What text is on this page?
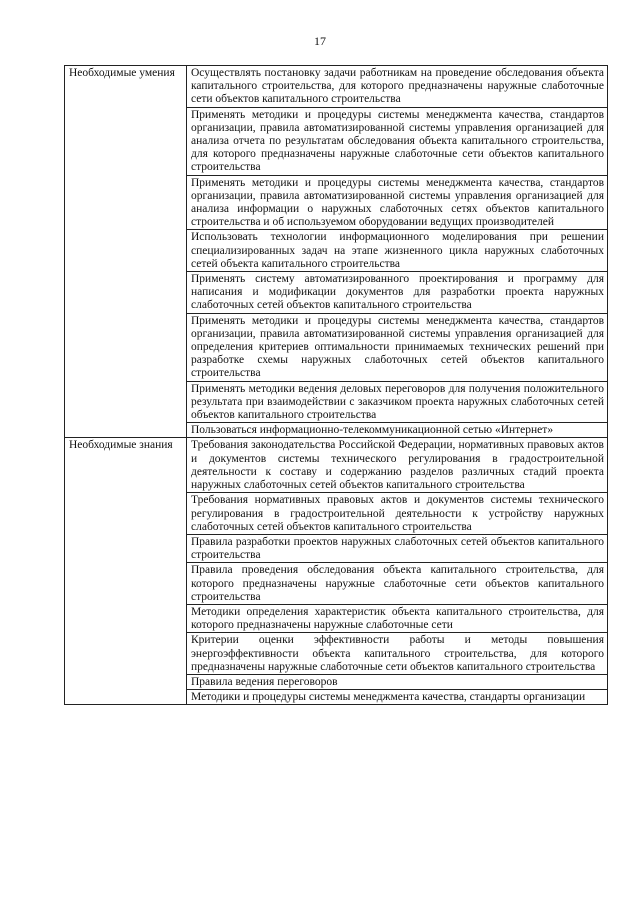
17
Необходимые умения	Осуществлять постановку задачи работникам на проведение обследования объекта капитального строительства, для которого предназначены наружные слаботочные сети объектов капитального строительства
	Применять методики и процедуры системы менеджмента качества, стандартов организации, правила автоматизированной системы управления организацией для анализа отчета по результатам обследования объекта капитального строительства, для которого предназначены наружные слаботочные сети объектов капитального строительства
	Применять методики и процедуры системы менеджмента качества, стандартов организации, правила автоматизированной системы управления организацией для анализа информации о наружных слаботочных сетях объектов капитального строительства и об используемом оборудовании ведущих производителей
	Использовать технологии информационного моделирования при решении специализированных задач на этапе жизненного цикла наружных слаботочных сетей объекта капитального строительства
	Применять систему автоматизированного проектирования и программу для написания и модификации документов для разработки проекта наружных слаботочных сетей объектов капитального строительства
	Применять методики и процедуры системы менеджмента качества, стандартов организации, правила автоматизированной системы управления организацией для определения критериев оптимальности принимаемых технических решений при разработке схемы наружных слаботочных сетей объектов капитального строительства
	Применять методики ведения деловых переговоров для получения положительного результата при взаимодействии с заказчиком проекта наружных слаботочных сетей объектов капитального строительства
	Пользоваться информационно-телекоммуникационной сетью «Интернет»
Необходимые знания	Требования законодательства Российской Федерации, нормативных правовых актов и документов системы технического регулирования в градостроительной деятельности к составу и содержанию разделов различных стадий проекта наружных слаботочных сетей объектов капитального строительства
	Требования нормативных правовых актов и документов системы технического регулирования в градостроительной деятельности к устройству наружных слаботочных сетей объектов капитального строительства
	Правила разработки проектов наружных слаботочных сетей объектов капитального строительства
	Правила проведения обследования объекта капитального строительства, для которого предназначены наружные слаботочные сети объектов капитального строительства
	Методики определения характеристик объекта капитального строительства, для которого предназначены наружные слаботочные сети
	Критерии оценки эффективности работы и методы повышения энергоэффективности объекта капитального строительства, для которого предназначены наружные слаботочные сети объектов капитального строительства
	Правила ведения переговоров
	Методики и процедуры системы менеджмента качества, стандарты организации
